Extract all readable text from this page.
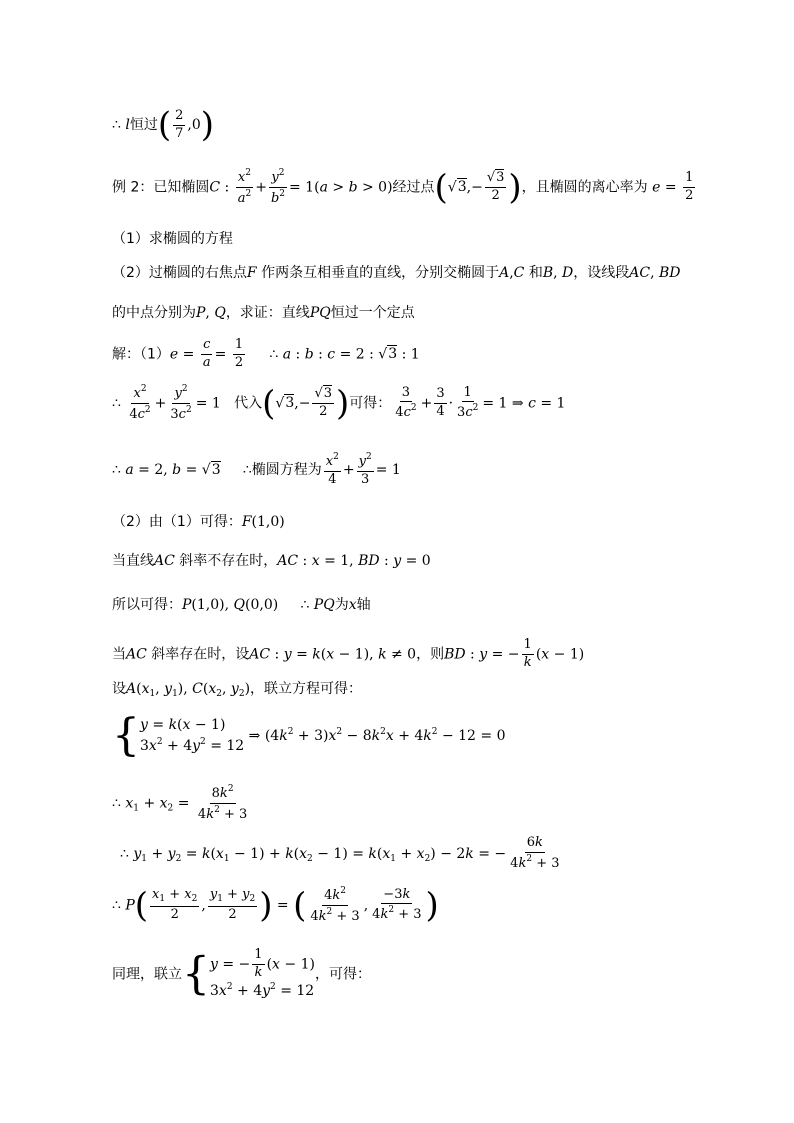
∴ l恒过( $\frac{2}{7} ,0$)
例 2：已知椭圆C : $\frac{x^2}{a^2} + \frac{y^2}{b^2} = 1(a > b > 0)$经过点($√3,- \frac{√3}{2}$ )，且椭圆的离心率为 $e = \frac{1}{2}$
（1）求椭圆的方程
（2）过椭圆的右焦点F 作两条互相垂直的直线，分别交椭圆于A,C 和B, D，设线段AC, BD
的中点分别为P, Q，求证：直线PQ恒过一个定点
解：$(1)e = \frac{c}{a} = \frac{1}{2}$ ∴ a : b : c = 2 : √3 : 1
∴ $\frac{x^2}{4c^2} + \frac{y^2}{3c^2} = 1$   代入($√3,- \frac{√3}{2}$ )可得： $\frac{3}{4c^2} + \frac{3}{4} \cdot \frac{1}{3c^2} = 1$ ⇒ c = 1
∴ a = 2, b = √3     ∴椭圆方程为 $\frac{x^2}{4} + \frac{y^2}{3} = 1$
（2）由（1）可得：F(1,0)
当直线AC 斜率不存在时，AC : x = 1, BD : y = 0
所以可得：P(1,0), Q(0,0)     ∴ PQ为x轴
当AC 斜率存在时，设AC : y = k(x − 1), k ≠ 0，则BD : y = − $\frac{1}{k} (x - 1)$
设$A(x_1$, $y_1$), $C(x_2$, $y_2$)，联立方程可得：
{ y = k(x − 1)
$3x^2 + 4y^2 = 12$
⇒ $(4k^2 + 3)x^2 - 8k^2x + 4k^2 - 12 = 0$
∴ $x_1 + x_2 = \frac{8k^2}{4k^2 + 3}$
∴ $y_1 + y_2 = k(x_1 - 1) + k(x_2 - 1) = k(x_1 + x_2) - 2k$ = − $\frac{6k}{4k^2 + 3}$
∴ $P( \frac{x_1 + x_2}{2}$ , $\frac{y_1 + y_2}{2}$ ) = ( $\frac{4k^2}{4k^2 + 3}$ , $\frac{-3k}{4k^2 + 3}$ )
同理，联立{ y = − $\frac{1}{k} (x - 1)$
$3x^2 + 4y^2 = 12$
，可得：
